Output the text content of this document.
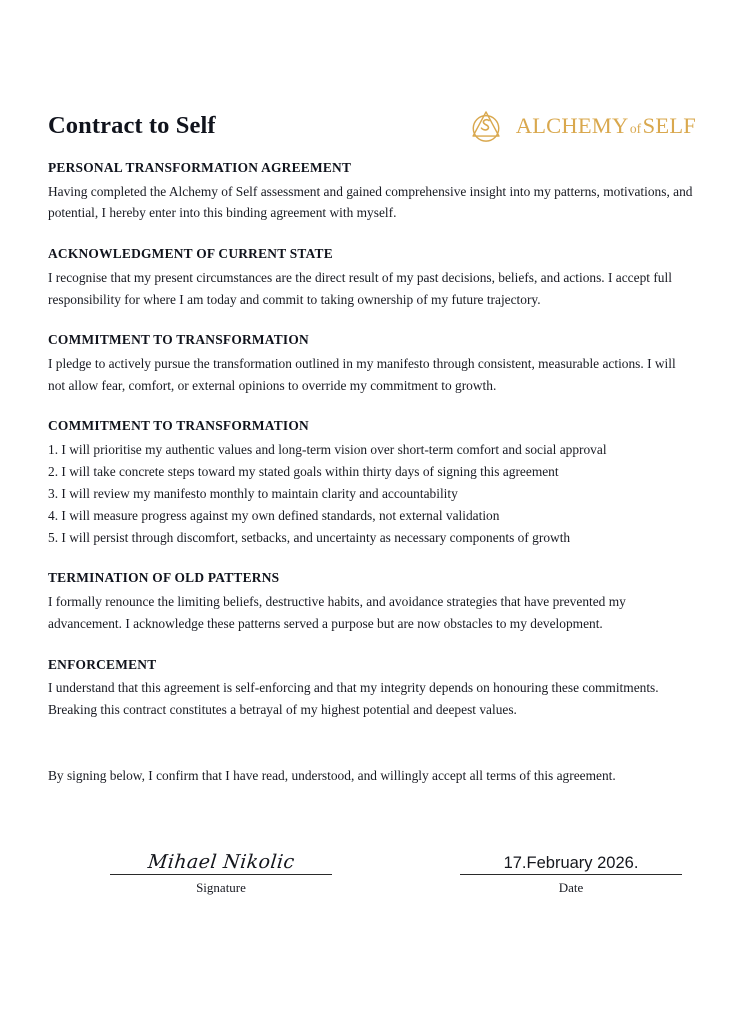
Contract to Self	ALCHEMY ofSELF
PERSONAL TRANSFORMATION AGREEMENT

Having completed the Alchemy of Self assessment and gained comprehensive insight into my patterns, motivations, and potential, I hereby enter into this binding agreement with myself.

ACKNOWLEDGMENT OF CURRENT STATE

I recognise that my present circumstances are the direct result of my past decisions, beliefs, and actions. I accept full responsibility for where I am today and commit to taking ownership of my future trajectory.

COMMITMENT TO TRANSFORMATION

I pledge to actively pursue the transformation outlined in my manifesto through consistent, measurable actions. I will not allow fear, comfort, or external opinions to override my commitment to growth.

COMMITMENT TO TRANSFORMATION
1. I will prioritise my authentic values and long-term vision over short-term comfort and social approval
2. I will take concrete steps toward my stated goals within thirty days of signing this agreement
3. I will review my manifesto monthly to maintain clarity and accountability
4. I will measure progress against my own defined standards, not external validation
5. I will persist through discomfort, setbacks, and uncertainty as necessary components of growth
TERMINATION OF OLD PATTERNS

I formally renounce the limiting beliefs, destructive habits, and avoidance strategies that have prevented my advancement. I acknowledge these patterns served a purpose but are now obstacles to my development.

ENFORCEMENT

I understand that this agreement is self-enforcing and that my integrity depends on honouring these commitments. Breaking this contract constitutes a betrayal of my highest potential and deepest values.

By signing below, I confirm that I have read, understood, and willingly accept all terms of this agreement.

Mihael Nikolic
Signature
17.February 2026.
Date
